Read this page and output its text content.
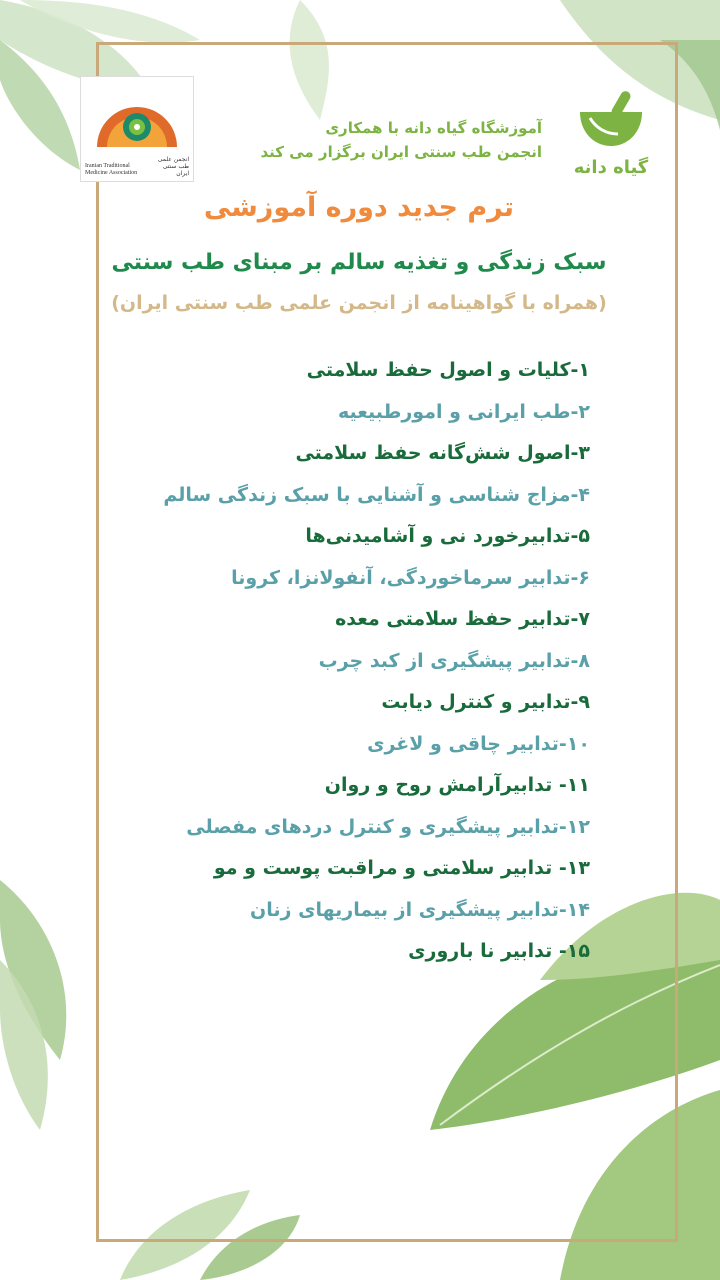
Iranian Traditional Medicine Association
انجمن علمی طب سنتی ایران
آموزشگاه گیاه دانه با همکاری
انجمن طب سنتی ایران برگزار می کند
گیاه دانه
ترم جدید دوره آموزشی
سبک زندگی و تغذیه سالم بر مبنای طب سنتی
(همراه با گواهینامه از انجمن علمی طب سنتی ایران)
۱-کلیات و اصول حفظ سلامتی
۲-طب ایرانی و امورطبیعیه
۳-اصول شش‌گانه حفظ سلامتی
۴-مزاج شناسی و آشنایی با سبک زندگی سالم
۵-تدابیرخورد نی و آشامیدنی‌ها
۶-تدابیر سرماخوردگی، آنفولانزا، کرونا
۷-تدابیر حفظ سلامتی معده
۸-تدابیر پیشگیری از کبد چرب
۹-تدابیر و کنترل دیابت
۱۰-تدابیر چاقی و لاغری
۱۱- تدابیرآرامش روح و روان
۱۲-تدابیر پیشگیری و کنترل دردهای مفصلی
۱۳- تدابیر سلامتی و مراقبت پوست و مو
۱۴-تدابیر پیشگیری از بیماریهای زنان
۱۵- تدابیر نا باروری
